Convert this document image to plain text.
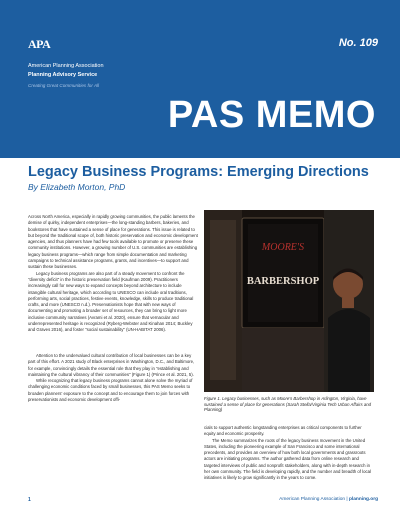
APA
American Planning Association
Planning Advisory Service
Creating Great Communities for All
No. 109
PAS MEMO
Legacy Business Programs: Emerging Directions
By Elizabeth Morton, PhD

Across North America, especially in rapidly growing communities, the public laments the demise of quirky, independent enterprises—the long-standing barbers, bakeries, and bookstores that have sustained a sense of place for generations. This issue is related to but beyond the traditional scope of, both historic preservation and economic development agencies, and thus planners have had few tools available to promote or preserve these community institutions. However, a growing number of U.S. communities are establishing legacy business programs—which range from simple documentation and marketing campaigns to technical assistance programs, grants, and incentives—to support and sustain these businesses.

Legacy business programs are also part of a steady movement to confront the "diversity deficit" in the historic preservation field (Kaufman 2009). Practitioners increasingly call for new ways to expand concepts beyond architecture to include intangible cultural heritage, which according to UNESCO can include oral traditions, performing arts, social practices, festive events, knowledge, skills to produce traditional crafts, and more (UNESCO n.d.). Preservationists hope that with new ways of documenting and promoting a broader set of resources, they can bring to light more inclusive community narratives (Avrami et al. 2020), ensure that vernacular and underrepresented heritage is recognized (Ryberg-Webster and Kinahan 2014; Buckley and Graves 2016), and foster "social sustainability" (UN-HABITAT 2006).

Attention to the undervalued cultural contribution of local businesses can be a key part of this effort. A 2021 study of Black enterprises in Washington, D.C., and Baltimore, for example, convincingly details the essential role that they play in "establishing and maintaining the cultural vibrancy of their communities" (Figure 1) (Prince et al. 2021, 5).

While recognizing that legacy business programs cannot alone solve the myriad of challenging economic conditions faced by small businesses, this PAS Memo seeks to broaden planners' exposure to the concept and to encourage them to join forces with preservationists and economic development offi-

MOORE'S
BARBERSHOP
Figure 1. Legacy businesses, such as Moore's Barbershop in Arlington, Virginia, have sustained a sense of place for generations (Sarah Stella/Virginia Tech Urban Affairs and Planning)

cials to support authentic longstanding enterprises as critical components to further equity and economic prosperity.

The Memo summarizes the roots of the legacy business movement in the United States, including the pioneering example of San Francisco and some international precedents, and provides an overview of how both local governments and grassroots actors are initiating programs. The author gathered data from online research and targeted interviews of public and nonprofit stakeholders, along with in-depth research in her own community. The field is developing rapidly, and the number and breadth of local initiatives is likely to grow significantly in the years to come.

1	American Planning Association | planning.org
